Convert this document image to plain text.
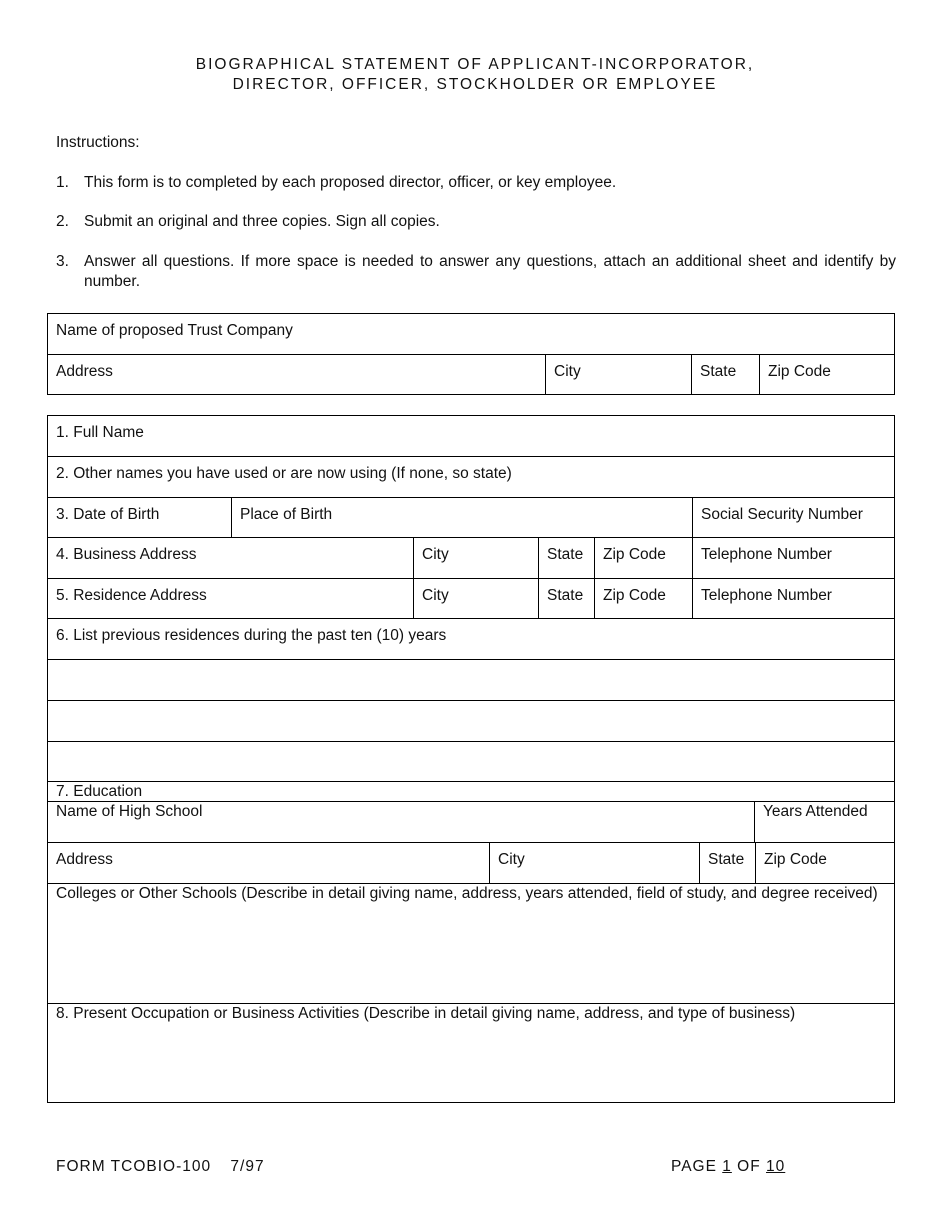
BIOGRAPHICAL STATEMENT OF APPLICANT-INCORPORATOR,
DIRECTOR, OFFICER, STOCKHOLDER OR EMPLOYEE
Instructions:
1. This form is to completed by each proposed director, officer, or key employee.
2. Submit an original and three copies. Sign all copies.
3. Answer all questions. If more space is needed to answer any questions, attach an additional sheet and identify by number.
Name of proposed Trust Company
Address	City	State	Zip Code
1. Full Name
2. Other names you have used or are now using (If none, so state)
3. Date of Birth	Place of Birth	Social Security Number
4. Business Address	City	State	Zip Code	Telephone Number
5. Residence Address	City	State	Zip Code	Telephone Number
6. List previous residences during the past ten (10) years
7. Education
Name of High School	Years Attended
Address	City	State	Zip Code
Colleges or Other Schools (Describe in detail giving name, address, years attended, field of study, and degree received)
8. Present Occupation or Business Activities (Describe in detail giving name, address, and type of business)
FORM TCOBIO-100 7/97	PAGE 1 OF 10
